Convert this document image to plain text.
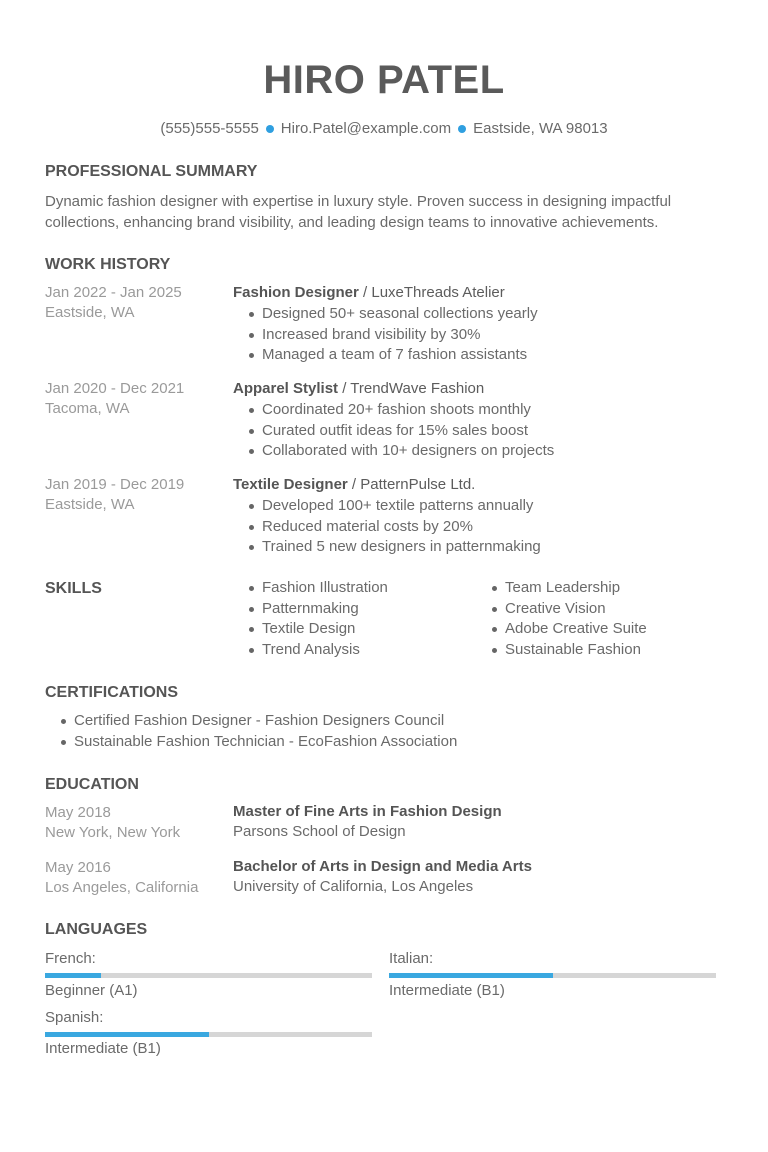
HIRO PATEL
(555)555-5555 Hiro.Patel@example.com Eastside, WA 98013
PROFESSIONAL SUMMARY
Dynamic fashion designer with expertise in luxury style. Proven success in designing impactful collections, enhancing brand visibility, and leading design teams to innovative achievements.
WORK HISTORY
Jan 2022 - Jan 2025
Eastside, WA
Fashion Designer / LuxeThreads Atelier
Designed 50+ seasonal collections yearly
Increased brand visibility by 30%
Managed a team of 7 fashion assistants
Jan 2020 - Dec 2021
Tacoma, WA
Apparel Stylist / TrendWave Fashion
Coordinated 20+ fashion shoots monthly
Curated outfit ideas for 15% sales boost
Collaborated with 10+ designers on projects
Jan 2019 - Dec 2019
Eastside, WA
Textile Designer / PatternPulse Ltd.
Developed 100+ textile patterns annually
Reduced material costs by 20%
Trained 5 new designers in patternmaking
SKILLS	Fashion Illustration
Patternmaking
Textile Design
Trend Analysis
Team Leadership
Creative Vision
Adobe Creative Suite
Sustainable Fashion
CERTIFICATIONS
Certified Fashion Designer - Fashion Designers Council
Sustainable Fashion Technician - EcoFashion Association
EDUCATION
May 2018
New York, New York
Master of Fine Arts in Fashion Design
Parsons School of Design
May 2016
Los Angeles, California
Bachelor of Arts in Design and Media Arts
University of California, Los Angeles
LANGUAGES
French:
Beginner (A1)
Italian:
Intermediate (B1)
Spanish:
Intermediate (B1)
